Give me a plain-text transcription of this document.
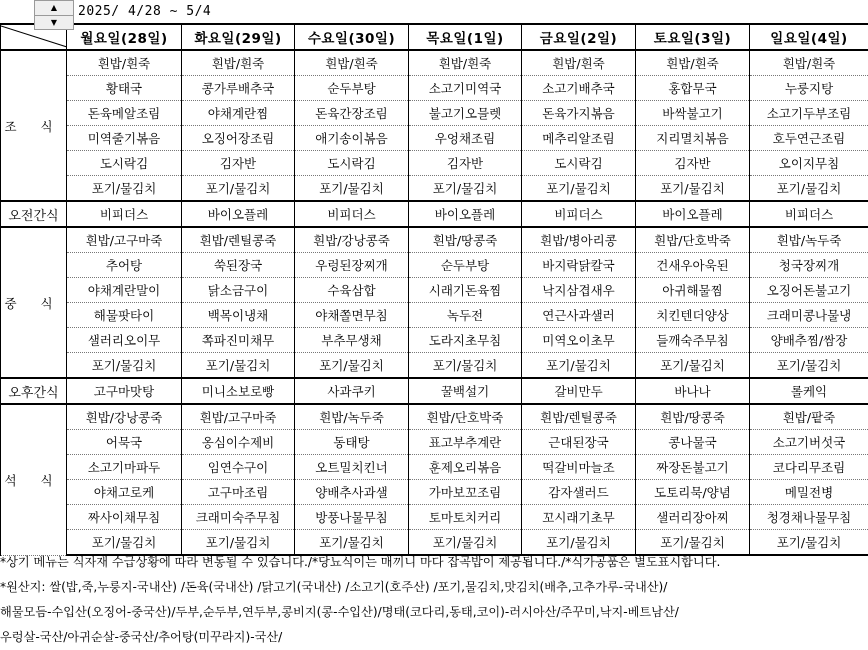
▲
▼
2025/ 4/28 ~ 5/4
	월요일(28일)	화요일(29일)	수요일(30일)	목요일(1일)	금요일(2일)	토요일(3일)	일요일(4일)
조 식	흰밥/흰죽	흰밥/흰죽	흰밥/흰죽	흰밥/흰죽	흰밥/흰죽	흰밥/흰죽	흰밥/흰죽
	황태국	콩가루배추국	순두부탕	소고기미역국	소고기배추국	홍합무국	누룽지탕
	돈육메알조림	야채계란찜	돈육간장조림	불고기오믈렛	돈육가지볶음	바싹불고기	소고기두부조림
	미역줄기볶음	오징어장조림	애기송이볶음	우엉채조림	메추리알조림	지리멸치볶음	호두연근조림
	도시락김	김자반	도시락김	김자반	도시락김	김자반	오이지무침
	포기/물김치	포기/물김치	포기/물김치	포기/물김치	포기/물김치	포기/물김치	포기/물김치
오전간식	비피더스	바이오플레	비피더스	바이오플레	비피더스	바이오플레	비피더스
중 식	흰밥/고구마죽	흰밥/렌틸콩죽	흰밥/강낭콩죽	흰밥/땅콩죽	흰밥/병아리콩	흰밥/단호박죽	흰밥/녹두죽
	추어탕	쑥된장국	우렁된장찌개	순두부탕	바지락닭칼국	건새우아욱된	청국장찌개
	야채계란말이	닭소금구이	수육삼합	시래기돈육찜	낙지삼겹새우	아귀해물찜	오징어돈불고기
	해물팟타이	백목이냉채	야채쫄면무침	녹두전	연근사과샐러	치킨텐더양상	크래미콩나물냉
	샐러리오이무	쪽파진미채무	부추무생채	도라지초무침	미역오이초무	들깨숙주무침	양배추찜/쌈장
	포기/물김치	포기/물김치	포기/물김치	포기/물김치	포기/물김치	포기/물김치	포기/물김치
오후간식	고구마맛탕	미니소보로빵	사과쿠키	꿀백설기	갈비만두	바나나	롤케익
석 식	흰밥/강낭콩죽	흰밥/고구마죽	흰밥/녹두죽	흰밥/단호박죽	흰밥/렌틸콩죽	흰밥/땅콩죽	흰밥/팥죽
	어묵국	옹심이수제비	동태탕	표고부추계란	근대된장국	콩나물국	소고기버섯국
	소고기마파두	임연수구이	오트밀치킨너	훈제오리볶음	떡갈비마늘조	짜장돈불고기	코다리무조림
	야채고로케	고구마조림	양배추사과샐	가마보꼬조림	감자샐러드	도토리묵/양념	메밀전병
	짜사이채무침	크래미숙주무침	방풍나물무침	토마토치커리	꼬시래기초무	샐러리장아찌	청경채나물무침
	포기/물김치	포기/물김치	포기/물김치	포기/물김치	포기/물김치	포기/물김치	포기/물김치
*상기 메뉴는 식자재 수급상황에 따라 변동될 수 있습니다./*당뇨식이는 매끼니 마다 잡곡밥이 제공됩니다./*식가공품은 별도표시합니다.
*원산지: 쌀(밥,죽,누룽지-국내산) /돈육(국내산) /닭고기(국내산) /소고기(호주산) /포기,물김치,맛김치(배추,고추가루-국내산)/
해물모듬-수입산(오징어-중국산)/두부,순두부,연두부,콩비지(콩-수입산)/명태(코다리,동태,코이)-러시아산/주꾸미,낙지-베트남산/
우렁살-국산/아귀순살-중국산/추어탕(미꾸라지)-국산/
